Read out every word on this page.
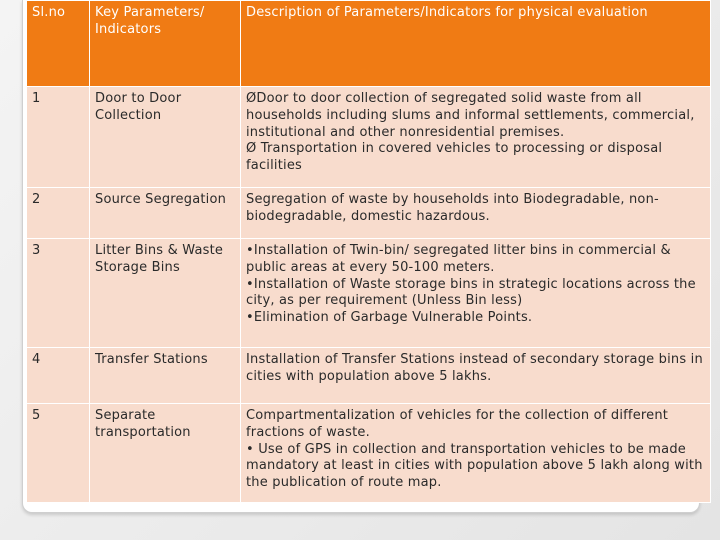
Sl.no	Key Parameters/ Indicators	Description of Parameters/Indicators for physical evaluation
1	Door to Door Collection	ØDoor to door collection of segregated solid waste from all households including slums and informal settlements, commercial, institutional and other nonresidential premises.
Ø Transportation in covered vehicles to processing or disposal facilities

2	Source Segregation	Segregation of waste by households into Biodegradable, non-biodegradable, domestic hazardous.

3	Litter Bins & Waste Storage Bins	•Installation of Twin-bin/ segregated litter bins in commercial & public areas at every 50-100 meters.
•Installation of Waste storage bins in strategic locations across the city, as per requirement (Unless Bin less)
•Elimination of Garbage Vulnerable Points.

4	Transfer Stations	Installation of Transfer Stations instead of secondary storage bins in cities with population above 5 lakhs.

5	Separate transportation	Compartmentalization of vehicles for the collection of different fractions of waste.
• Use of GPS in collection and transportation vehicles to be made mandatory at least in cities with population above 5 lakh along with the publication of route map.
